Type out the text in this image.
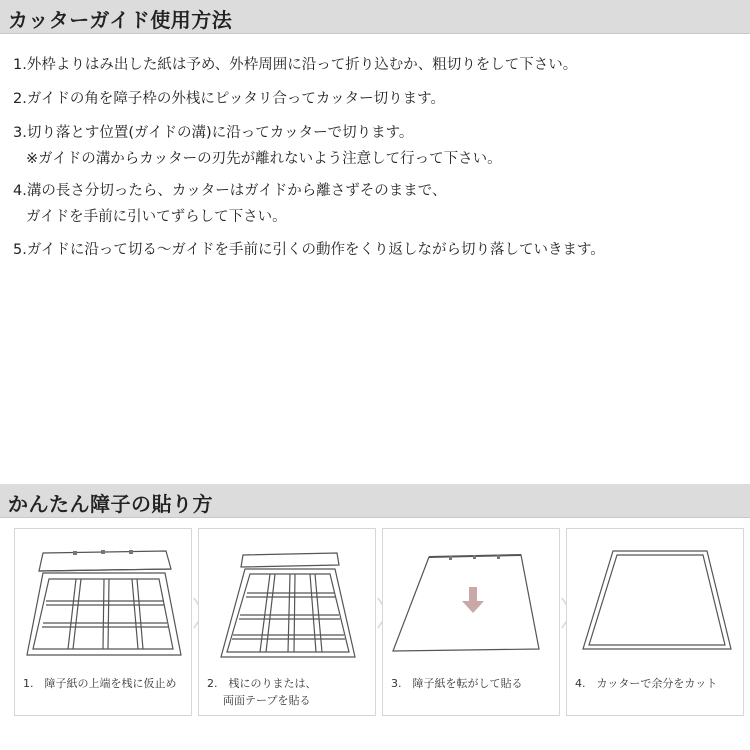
カッターガイド使用方法
1.外枠よりはみ出した紙は予め、外枠周囲に沿って折り込むか、粗切りをして下さい。
2.ガイドの角を障子枠の外桟にピッタリ合ってカッター切ります。
3.切り落とす位置(ガイドの溝)に沿ってカッターで切ります。
※ガイドの溝からカッターの刃先が離れないよう注意して行って下さい。
4.溝の長さ分切ったら、カッターはガイドから離さずそのままで、
ガイドを手前に引いてずらして下さい。
5.ガイドに沿って切る〜ガイドを手前に引くの動作をくり返しながら切り落していきます。
かんたん障子の貼り方
1.　障子紙の上端を桟に仮止め	2.　桟にのりまたは、
両面テープを貼る
3.　障子紙を転がして貼る	4.　カッターで余分をカット
